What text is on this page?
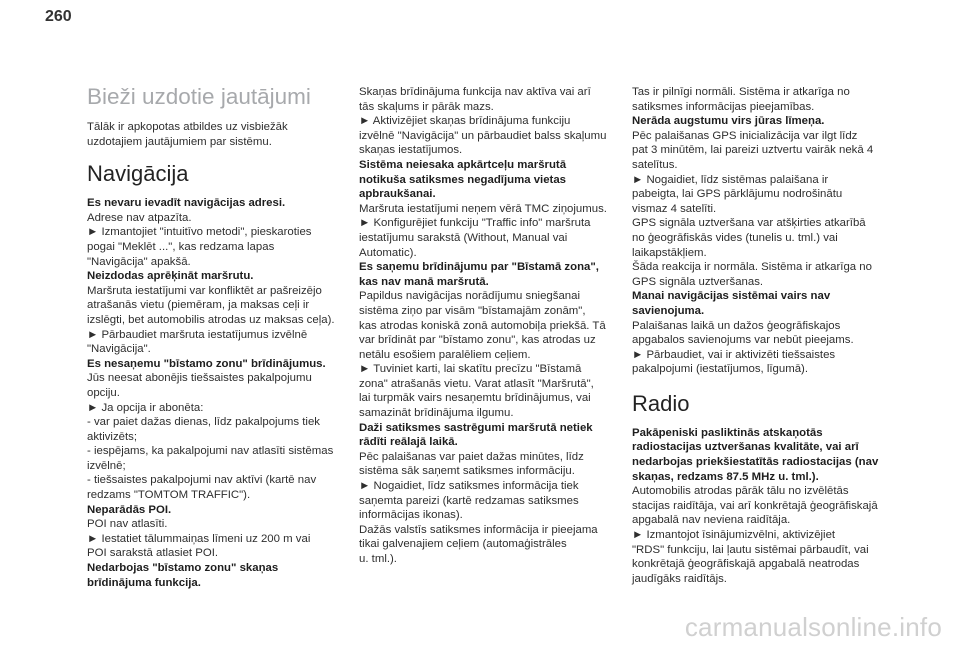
260
Bieži uzdotie jautājumi

Tālāk ir apkopotas atbildes uz visbiežāk

uzdotajiem jautājumiem par sistēmu.

Navigācija

Es nevaru ievadīt navigācijas adresi.

Adrese nav atpazīta.

► Izmantojiet "intuitīvo metodi", pieskaroties

pogai "Meklēt ...", kas redzama lapas

"Navigācija" apakšā.

Neizdodas aprēķināt maršrutu.

Maršruta iestatījumi var konfliktēt ar pašreizējo

atrašanās vietu (piemēram, ja maksas ceļi ir

izslēgti, bet automobilis atrodas uz maksas ceļa).

► Pārbaudiet maršruta iestatījumus izvēlnē

"Navigācija".

Es nesaņemu "bīstamo zonu" brīdinājumus.

Jūs neesat abonējis tiešsaistes pakalpojumu

opciju.

► Ja opcija ir abonēta:

- var paiet dažas dienas, līdz pakalpojums tiek

aktivizēts;

- iespējams, ka pakalpojumi nav atlasīti sistēmas

izvēlnē;

- tiešsaistes pakalpojumi nav aktīvi (kartē nav

redzams "TOMTOM TRAFFIC").

Neparādās POI.

POI nav atlasīti.

► Iestatiet tālummaiņas līmeni uz 200 m vai

POI sarakstā atlasiet POI.

Nedarbojas "bīstamo zonu" skaņas

brīdinājuma funkcija.

Skaņas brīdinājuma funkcija nav aktīva vai arī

tās skaļums ir pārāk mazs.

► Aktivizējiet skaņas brīdinājuma funkciju

izvēlnē "Navigācija" un pārbaudiet balss skaļumu

skaņas iestatījumos.

Sistēma neiesaka apkārtceļu maršrutā

notikuša satiksmes negadījuma vietas

apbraukšanai.

Maršruta iestatījumi neņem vērā TMC ziņojumus.

► Konfigurējiet funkciju "Traffic info" maršruta

iestatījumu sarakstā (Without, Manual vai

Automatic).

Es saņemu brīdinājumu par "Bīstamā zona",

kas nav manā maršrutā.

Papildus navigācijas norādījumu sniegšanai

sistēma ziņo par visām "bīstamajām zonām",

kas atrodas koniskā zonā automobiļa priekšā. Tā

var brīdināt par "bīstamo zonu", kas atrodas uz

netālu esošiem paralēliem ceļiem.

► Tuviniet karti, lai skatītu precīzu "Bīstamā

zona" atrašanās vietu. Varat atlasīt "Maršrutā",

lai turpmāk vairs nesaņemtu brīdinājumus, vai

samazināt brīdinājuma ilgumu.

Daži satiksmes sastrēgumi maršrutā netiek

rādīti reālajā laikā.

Pēc palaišanas var paiet dažas minūtes, līdz

sistēma sāk saņemt satiksmes informāciju.

► Nogaidiet, līdz satiksmes informācija tiek

saņemta pareizi (kartē redzamas satiksmes

informācijas ikonas).

Dažās valstīs satiksmes informācija ir pieejama

tikai galvenajiem ceļiem (automaģistrāles

u. tml.).

Tas ir pilnīgi normāli. Sistēma ir atkarīga no

satiksmes informācijas pieejamības.

Nerāda augstumu virs jūras līmeņa.

Pēc palaišanas GPS inicializācija var ilgt līdz

pat 3 minūtēm, lai pareizi uztvertu vairāk nekā 4

satelītus.

► Nogaidiet, līdz sistēmas palaišana ir

pabeigta, lai GPS pārklājumu nodrošinātu

vismaz 4 satelīti.

GPS signāla uztveršana var atšķirties atkarībā

no ģeogrāfiskās vides (tunelis u. tml.) vai

laikapstākļiem.

Šāda reakcija ir normāla. Sistēma ir atkarīga no

GPS signāla uztveršanas.

Manai navigācijas sistēmai vairs nav

savienojuma.

Palaišanas laikā un dažos ģeogrāfiskajos

apgabalos savienojums var nebūt pieejams.

► Pārbaudiet, vai ir aktivizēti tiešsaistes

pakalpojumi (iestatījumos, līgumā).

Radio

Pakāpeniski pasliktinās atskaņotās

radiostacijas uztveršanas kvalitāte, vai arī

nedarbojas priekšiestatītās radiostacijas (nav

skaņas, redzams 87.5 MHz u. tml.).

Automobilis atrodas pārāk tālu no izvēlētās

stacijas raidītāja, vai arī konkrētajā ģeogrāfiskajā

apgabalā nav neviena raidītāja.

► Izmantojot īsinājumizvēlni, aktivizējiet

"RDS" funkciju, lai ļautu sistēmai pārbaudīt, vai

konkrētajā ģeogrāfiskajā apgabalā neatrodas

jaudīgāks raidītājs.

carmanualsonline.info
